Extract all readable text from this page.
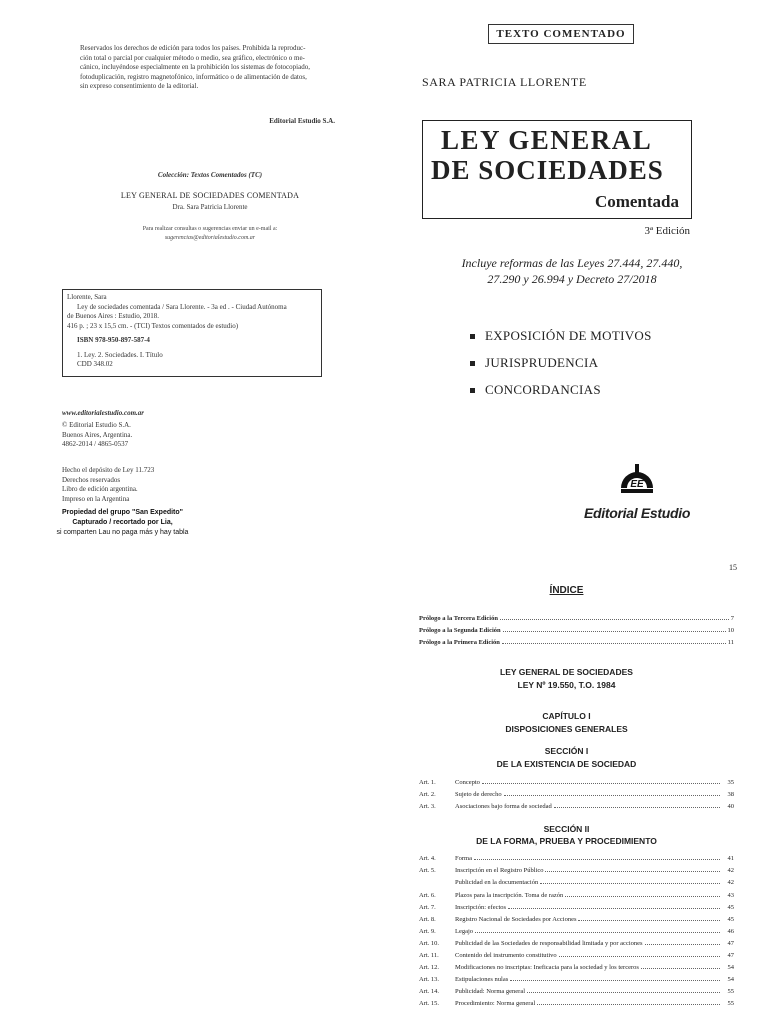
Reservados los derechos de edición para todos los países. Prohibida la reproduc-
ción total o parcial por cualquier método o medio, sea gráfico, electrónico o me-
cánico, incluyéndose especialmente en la prohibición los sistemas de fotocopiado,
fotoduplicación, registro magnetofónico, informático o de alimentación de datos,
sin expreso consentimiento de la editorial.
Editorial Estudio S.A.
Colección: Textos Comentados (TC)
LEY GENERAL DE SOCIEDADES COMENTADA
Dra. Sara Patricia Llorente
Para realizar consultas o sugerencias enviar un e-mail a:
sugerencias@editorialestudio.com.ar
Llorente, Sara
Ley de sociedades comentada / Sara Llorente. - 3a ed . - Ciudad Autónoma
de Buenos Aires : Estudio, 2018.
416 p. ; 23 x 15,5 cm. - (TCI) Textos comentados de estudio)
ISBN 978-950-897-587-4
1. Ley. 2. Sociedades. I. Título
CDD 348.02
www.editorialestudio.com.ar
© Editorial Estudio S.A.
Buenos Aires, Argentina.
4862-2014 / 4865-0537
Hecho el depósito de Ley 11.723
Derechos reservados
Libro de edición argentina.
Impreso en la Argentina
Propiedad del grupo "San Expedito"
Capturado / recortado por Lia,
si comparten Lau no paga más y hay tabla
TEXTO COMENTADO
SARA PATRICIA LLORENTE
LEY GENERAL
DE SOCIEDADES
Comentada
3ª Edición
Incluye reformas de las Leyes 27.444, 27.440,
27.290 y 26.994 y Decreto 27/2018
EXPOSICIÓN DE MOTIVOS
JURISPRUDENCIA
CONCORDANCIAS
EE
Editorial Estudio
15
ÍNDICE
Prólogo a la Tercera Edición	7
Prólogo a la Segunda Edición	10
Prólogo a la Primera Edición	11
LEY GENERAL DE SOCIEDADES
LEY Nº 19.550, T.O. 1984
CAPÍTULO I
DISPOSICIONES GENERALES
SECCIÓN I
DE LA EXISTENCIA DE SOCIEDAD
Art. 1.	Concepto	35
Art. 2.	Sujeto de derecho	38
Art. 3.	Asociaciones bajo forma de sociedad	40
SECCIÓN II
DE LA FORMA, PRUEBA Y PROCEDIMIENTO
Art. 4.	Forma	41
Art. 5.	Inscripción en el Registro Público	42
Publicidad en la documentación	42
Art. 6.	Plazos para la inscripción. Toma de razón	43
Art. 7.	Inscripción: efectos	45
Art. 8.	Registro Nacional de Sociedades por Acciones	45
Art. 9.	Legajo	46
Art. 10.	Publicidad de las Sociedades de responsabilidad limitada y por acciones	47
Art. 11.	Contenido del instrumento constitutivo	47
Art. 12.	Modificaciones no inscriptas: Ineficacia para la sociedad y los terceros	54
Art. 13.	Estipulaciones nulas	54
Art. 14.	Publicidad: Norma general	55
Art. 15.	Procedimiento: Norma general	55
